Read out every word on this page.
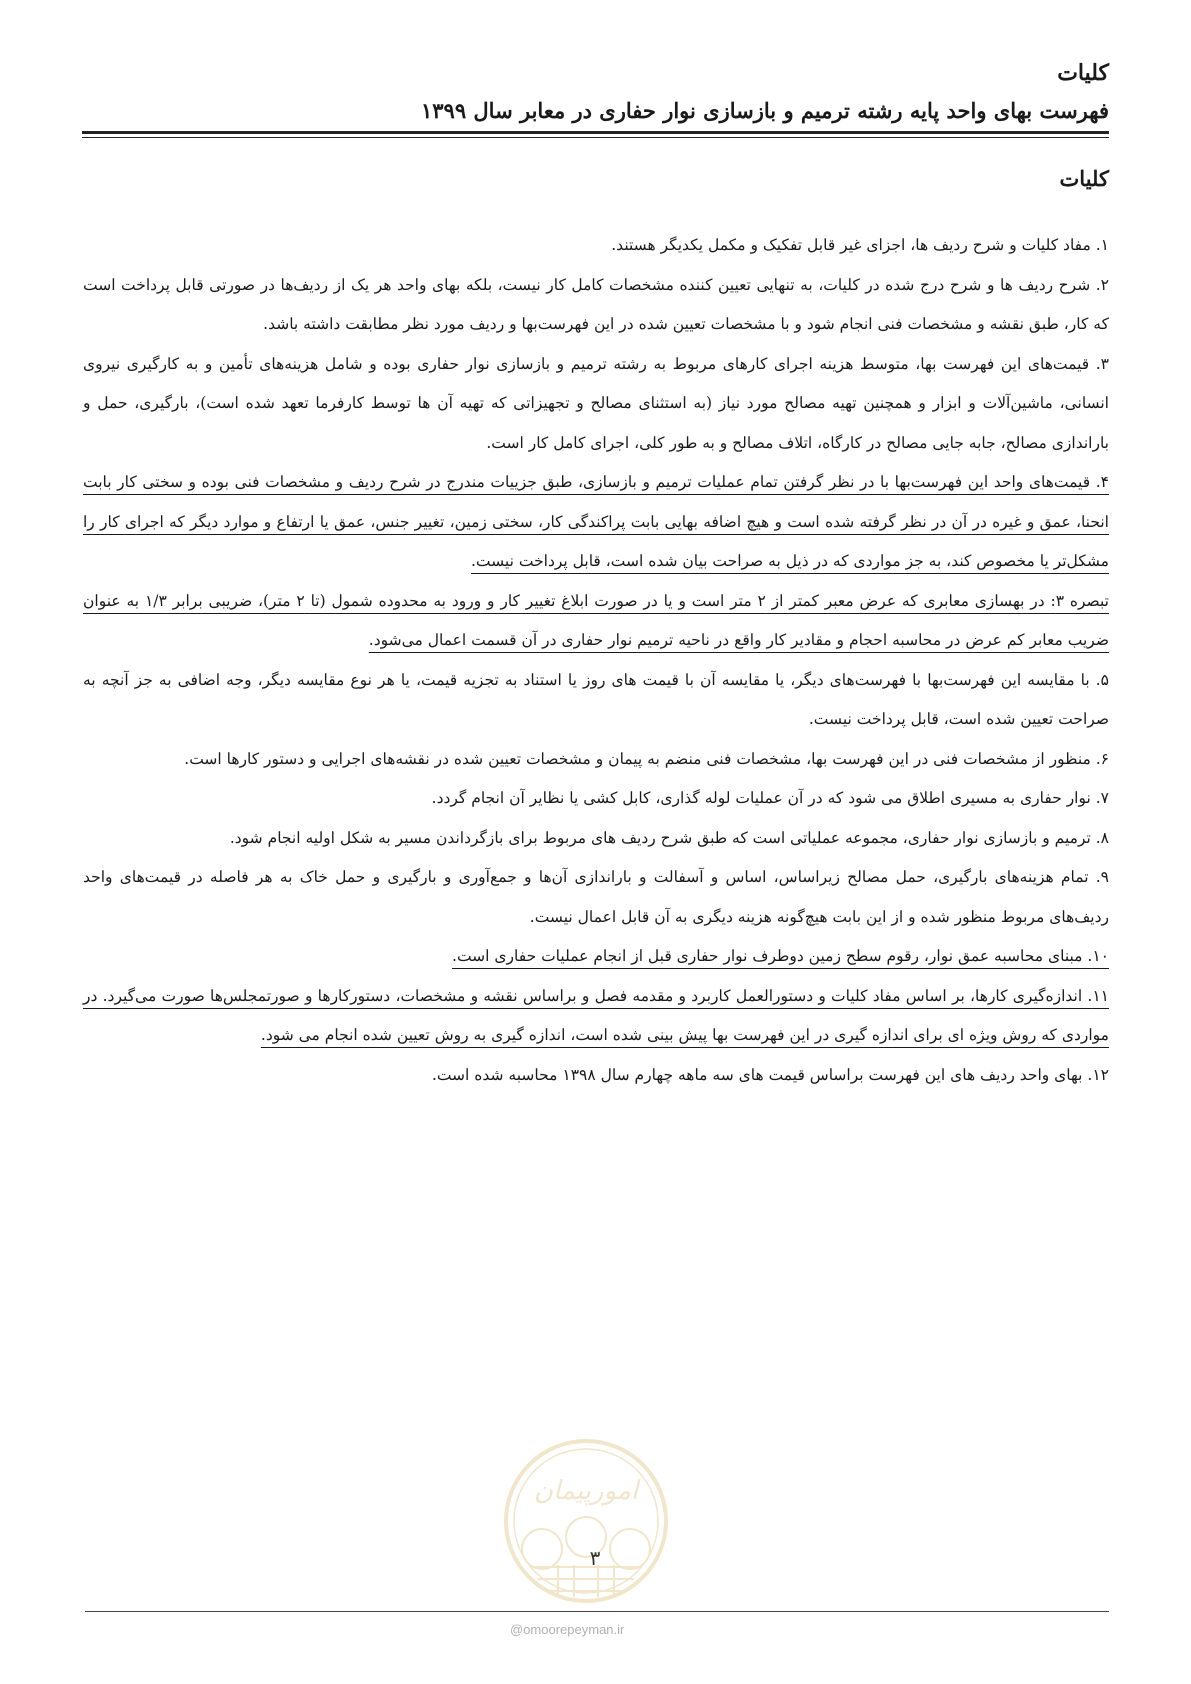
کلیات
فهرست بهای واحد پایه رشته ترمیم و بازسازی نوار حفاری در معابر سال ۱۳۹۹
کلیات

۱. مفاد کلیات و شرح ردیف ها، اجزای غیر قابل تفکیک و مکمل یکدیگر هستند.

۲. شرح ردیف ها و شرح درج شده در کلیات، به تنهایی تعیین کننده مشخصات کامل کار نیست، بلکه بهای واحد هر یک از ردیف‌ها در صورتی قابل پرداخت است که کار، طبق نقشه و مشخصات فنی انجام شود و با مشخصات تعیین شده در این فهرست‌بها و ردیف مورد نظر مطابقت داشته باشد.

۳. قیمت‌های این فهرست بها، متوسط هزینه اجرای کارهای مربوط به رشته ترمیم و بازسازی نوار حفاری بوده و شامل هزینه‌های تأمین و به کارگیری نیروی انسانی، ماشین‌آلات و ابزار و همچنین تهیه مصالح مورد نیاز (به استثنای مصالح و تجهیزاتی که تهیه آن ها توسط کارفرما تعهد شده است)، بارگیری، حمل و باراندازی مصالح، جابه جایی مصالح در کارگاه، اتلاف مصالح و به طور کلی، اجرای کامل کار است.

۴. قیمت‌های واحد این فهرست‌بها با در نظر گرفتن تمام عملیات ترمیم و بازسازی، طبق جزییات مندرج در شرح ردیف و مشخصات فنی بوده و سختی کار بابت انحنا، عمق و غیره در آن در نظر گرفته شده است و هیچ اضافه بهایی بابت پراکندگی کار، سختی زمین، تغییر جنس، عمق یا ارتفاع و موارد دیگر که اجرای کار را مشکل‌تر یا مخصوص کند، به جز مواردی که در ذیل به صراحت بیان شده است، قابل پرداخت نیست.

تبصره ۳: در بهسازی معابری که عرض معبر کمتر از ۲ متر است و یا در صورت ابلاغ تغییر کار و ورود به محدوده شمول (تا ۲ متر)، ضریبی برابر ۱/۳ به عنوان ضریب معابر کم عرض در محاسبه احجام و مقادیر کار واقع در ناحیه ترمیم نوار حفاری در آن قسمت اعمال می‌شود.

۵. با مقایسه این فهرست‌بها با فهرست‌های دیگر، یا مقایسه آن با قیمت های روز یا استناد به تجزیه قیمت، یا هر نوع مقایسه دیگر، وجه اضافی به جز آنچه به صراحت تعیین شده است، قابل پرداخت نیست.

۶. منظور از مشخصات فنی در این فهرست بها، مشخصات فنی منضم به پیمان و مشخصات تعیین شده در نقشه‌های اجرایی و دستور کارها است.

۷. نوار حفاری به مسیری اطلاق می شود که در آن عملیات لوله گذاری، کابل کشی یا نظایر آن انجام گردد.

۸. ترمیم و بازسازی نوار حفاری، مجموعه عملیاتی است که طبق شرح ردیف های مربوط برای بازگرداندن مسیر به شکل اولیه انجام شود.

۹. تمام هزینه‌های بارگیری، حمل مصالح زیراساس، اساس و آسفالت و باراندازی آن‌ها و جمع‌آوری و بارگیری و حمل خاک به هر فاصله در قیمت‌های واحد ردیف‌های مربوط منظور شده و از این بابت هیچ‌گونه هزینه دیگری به آن قابل اعمال نیست.

۱۰. مبنای محاسبه عمق نوار، رقوم سطح زمین دوطرف نوار حفاری قبل از انجام عملیات حفاری است.

۱۱. اندازه‌گیری کارها، بر اساس مفاد کلیات و دستورالعمل کاربرد و مقدمه فصل و براساس نقشه و مشخصات، دستورکارها و صورتمجلس‌ها صورت می‌گیرد. در مواردی که روش ویژه ای برای اندازه گیری در این فهرست بها پیش بینی شده است، اندازه گیری به روش تعیین شده انجام می شود.

۱۲. بهای واحد ردیف های این فهرست براساس قیمت های سه ماهه چهارم سال ۱۳۹۸ محاسبه شده است.

امورپیمان
۳
@omoorepeyman.ir
